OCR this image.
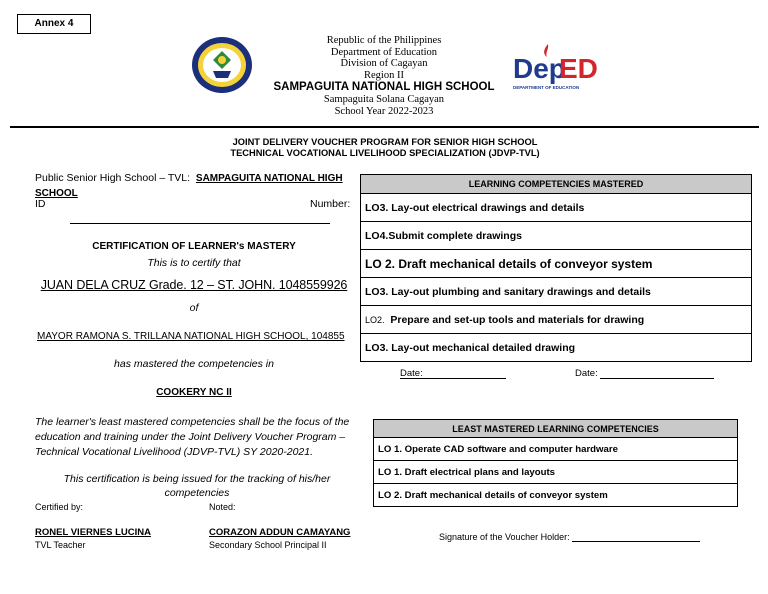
Annex 4
Republic of the Philippines
Department of Education
Division of Cagayan
Region II
SAMPAGUITA NATIONAL HIGH SCHOOL
Sampaguita Solana Cagayan
School Year 2022-2023
Dep
ED
DEPARTMENT OF EDUCATION
JOINT DELIVERY VOUCHER PROGRAM FOR SENIOR HIGH SCHOOL
TECHNICAL VOCATIONAL LIVELIHOOD SPECIALIZATION (JDVP-TVL)
Public Senior High School – TVL: SAMPAGUITA NATIONAL HIGH SCHOOL
ID	Number:
CERTIFICATION OF LEARNER's MASTERY
This is to certify that
JUAN DELA CRUZ Grade. 12 – ST. JOHN. 1048559926
of
MAYOR RAMONA S. TRILLANA NATIONAL HIGH SCHOOL, 104855
has mastered the competencies in
COOKERY NC II
The learner's least mastered competencies shall be the focus of the education and training under the Joint Delivery Voucher Program – Technical Vocational Livelihood (JDVP-TVL) SY 2020-2021.
This certification is being issued for the tracking of his/her competencies
Certified by:	Noted:
RONEL VIERNES LUCINA
TVL Teacher
CORAZON ADDUN CAMAYANG
Secondary School Principal II
LEARNING COMPETENCIES MASTERED
LO3. Lay-out electrical drawings and details
LO4.Submit complete drawings
LO 2. Draft mechanical details of conveyor system
LO3. Lay-out plumbing and sanitary drawings and details
LO2. Prepare and set-up tools and materials for drawing
LO3. Lay-out mechanical detailed drawing
Date:	Date:
LEAST MASTERED LEARNING COMPETENCIES
LO 1. Operate CAD software and computer hardware
LO 1. Draft electrical plans and layouts
LO 2. Draft mechanical details of conveyor system
Signature of the Voucher Holder:
